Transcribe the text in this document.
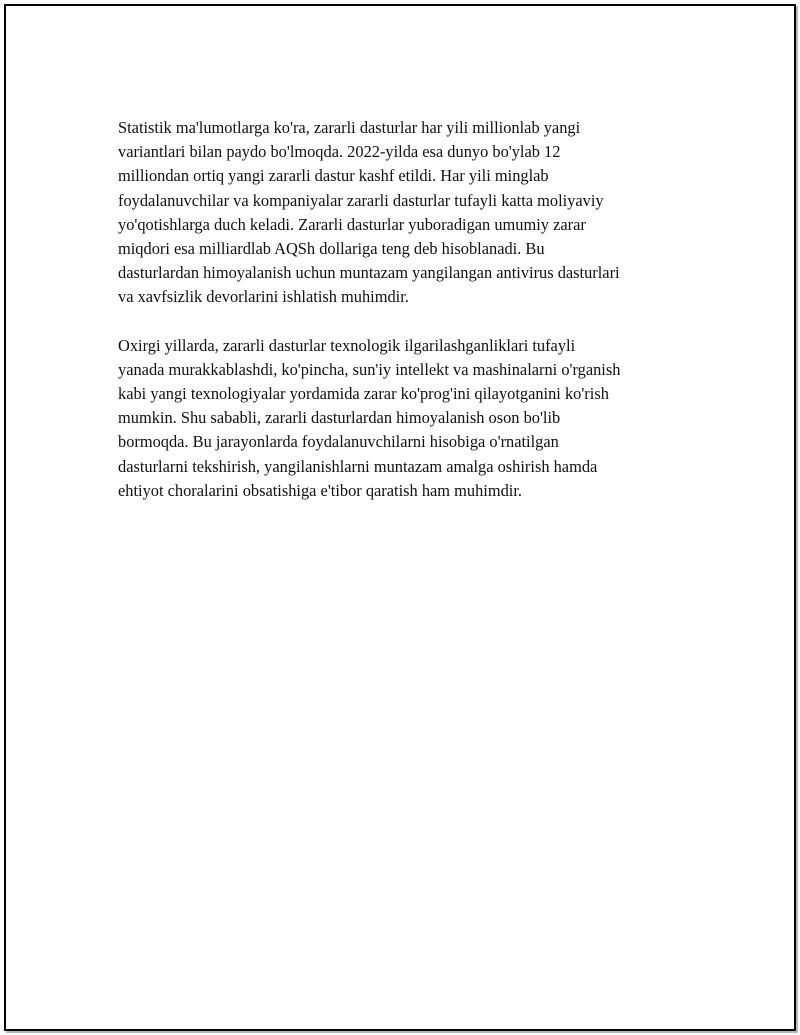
Statistik ma'lumotlarga ko'ra, zararli dasturlar har yili millionlab yangi
variantlari bilan paydo bo'lmoqda. 2022-yilda esa dunyo bo'ylab 12
milliondan ortiq yangi zararli dastur kashf etildi. Har yili minglab
foydalanuvchilar va kompaniyalar zararli dasturlar tufayli katta moliyaviy
yo'qotishlarga duch keladi. Zararli dasturlar yuboradigan umumiy zarar
miqdori esa milliardlab AQSh dollariga teng deb hisoblanadi. Bu
dasturlardan himoyalanish uchun muntazam yangilangan antivirus dasturlari
va xavfsizlik devorlarini ishlatish muhimdir.

Oxirgi yillarda, zararli dasturlar texnologik ilgarilashganliklari tufayli
yanada murakkablashdi, ko'pincha, sun'iy intellekt va mashinalarni o'rganish
kabi yangi texnologiyalar yordamida zarar ko'prog'ini qilayotganini ko'rish
mumkin. Shu sababli, zararli dasturlardan himoyalanish oson bo'lib
bormoqda. Bu jarayonlarda foydalanuvchilarni hisobiga o'rnatilgan
dasturlarni tekshirish, yangilanishlarni muntazam amalga oshirish hamda
ehtiyot choralarini obsatishiga e'tibor qaratish ham muhimdir.
